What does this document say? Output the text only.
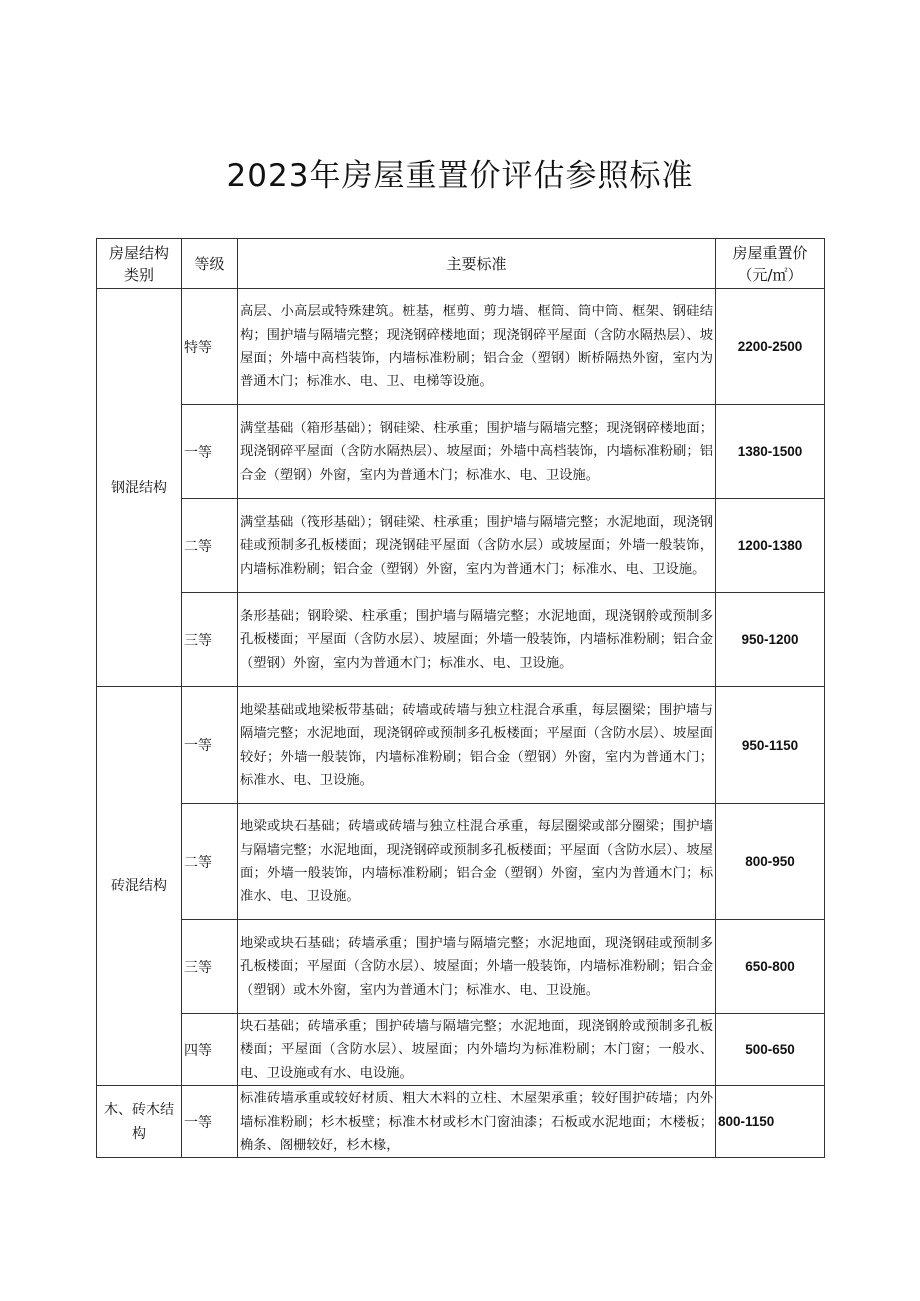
2023年房屋重置价评估参照标准
房屋结构类别	等级	主要标准	房屋重置价
（元/㎡）

钢混结构	特等	高层、小高层或特殊建筑。桩基，框剪、剪力墙、框筒、筒中筒、框架、钢硅结构；围护墙与隔墙完整；现浇钢碎楼地面；现浇钢碎平屋面（含防水隔热层）、坡屋面；外墙中高档装饰，内墙标准粉刷；铝合金（塑钢）断桥隔热外窗，室内为普通木门；标准水、电、卫、电梯等设施。	2200-2500
	一等	满堂基础（箱形基础）；钢硅梁、柱承重；围护墙与隔墙完整；现浇钢碎楼地面；现浇钢碎平屋面（含防水隔热层）、坡屋面；外墙中高档装饰，内墙标准粉刷；铝合金（塑钢）外窗，室内为普通木门；标准水、电、卫设施。	1380-1500
	二等	满堂基础（筏形基础）；钢硅梁、柱承重；围护墙与隔墙完整；水泥地面，现浇钢硅或预制多孔板楼面；现浇钢硅平屋面（含防水层）或坡屋面；外墙一般装饰，内墙标准粉刷；铝合金（塑钢）外窗，室内为普通木门；标准水、电、卫设施。	1200-1380
	三等	条形基础；钢聆梁、柱承重；围护墙与隔墙完整；水泥地面，现浇钢舲或预制多孔板楼面；平屋面（含防水层）、坡屋面；外墙一般装饰，内墙标准粉刷；铝合金（塑钢）外窗，室内为普通木门；标准水、电、卫设施。	950-1200
砖混结构	一等	地梁基础或地梁板带基础；砖墙或砖墙与独立柱混合承重，每层圈梁；围护墙与隔墙完整；水泥地面，现浇钢碎或预制多孔板楼面；平屋面（含防水层）、坡屋面较好；外墙一般装饰，内墙标准粉刷；铝合金（塑钢）外窗，室内为普通木门；标准水、电、卫设施。	950-1150
	二等	地梁或块石基础；砖墙或砖墙与独立柱混合承重，每层圈梁或部分圈梁；围护墙与隔墙完整；水泥地面，现浇钢碎或预制多孔板楼面；平屋面（含防水层）、坡屋面；外墙一般装饰，内墙标准粉刷；铝合金（塑钢）外窗，室内为普通木门；标准水、电、卫设施。	800-950
	三等	地梁或块石基础；砖墙承重；围护墙与隔墙完整；水泥地面，现浇钢硅或预制多孔板楼面；平屋面（含防水层）、坡屋面；外墙一般装饰，内墙标准粉刷；铝合金（塑钢）或木外窗，室内为普通木门；标准水、电、卫设施。	650-800
	四等	块石基础；砖墙承重；围护砖墙与隔墙完整；水泥地面，现浇钢舲或预制多孔板楼面；平屋面（含防水层）、坡屋面；内外墙均为标准粉刷；木门窗；一般水、电、卫设施或有水、电设施。	500-650
木、砖木结构	一等	标准砖墙承重或较好材质、粗大木料的立柱、木屋架承重；较好围护砖墙；内外墙标准粉刷；杉木板壁；标准木材或杉木门窗油漆；石板或水泥地面；木楼板；桷条、阁栅较好，杉木椽，	800-1150
